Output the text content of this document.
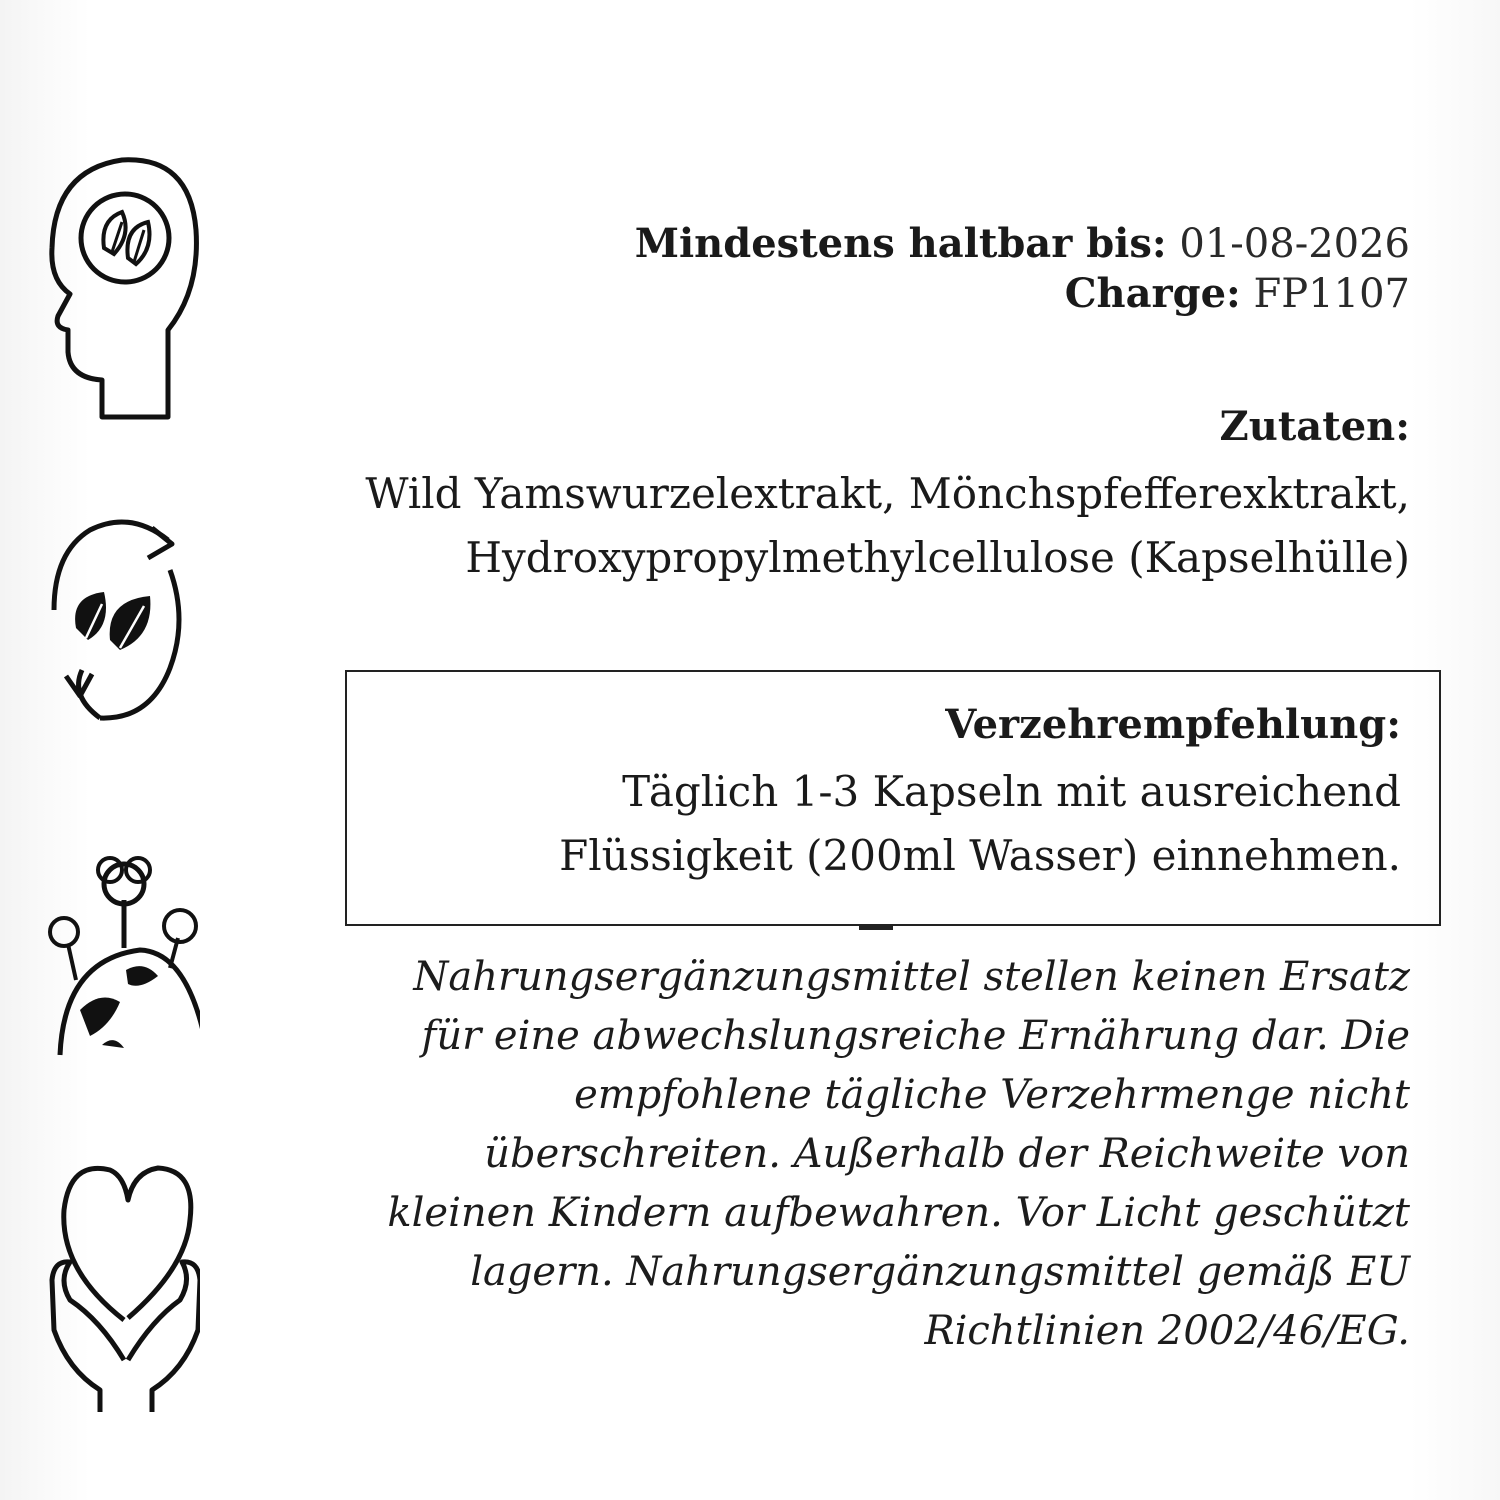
Mindestens haltbar bis: 01-08-2026
Charge: FP1107
Zutaten:
Wild Yamswurzelextrakt, Mönchspfefferexktrakt, Hydroxypropylmethylcellulose (Kapselhülle)
Verzehrempfehlung:
Täglich 1-3 Kapseln mit ausreichend Flüssigkeit (200ml Wasser) einnehmen.
Nahrungsergänzungsmittel stellen keinen Ersatz für eine abwechslungsreiche Ernährung dar. Die empfohlene tägliche Verzehrmenge nicht überschreiten. Außerhalb der Reichweite von kleinen Kindern aufbewahren. Vor Licht geschützt lagern. Nahrungsergänzungsmittel gemäß EU Richtlinien 2002/46/EG.
